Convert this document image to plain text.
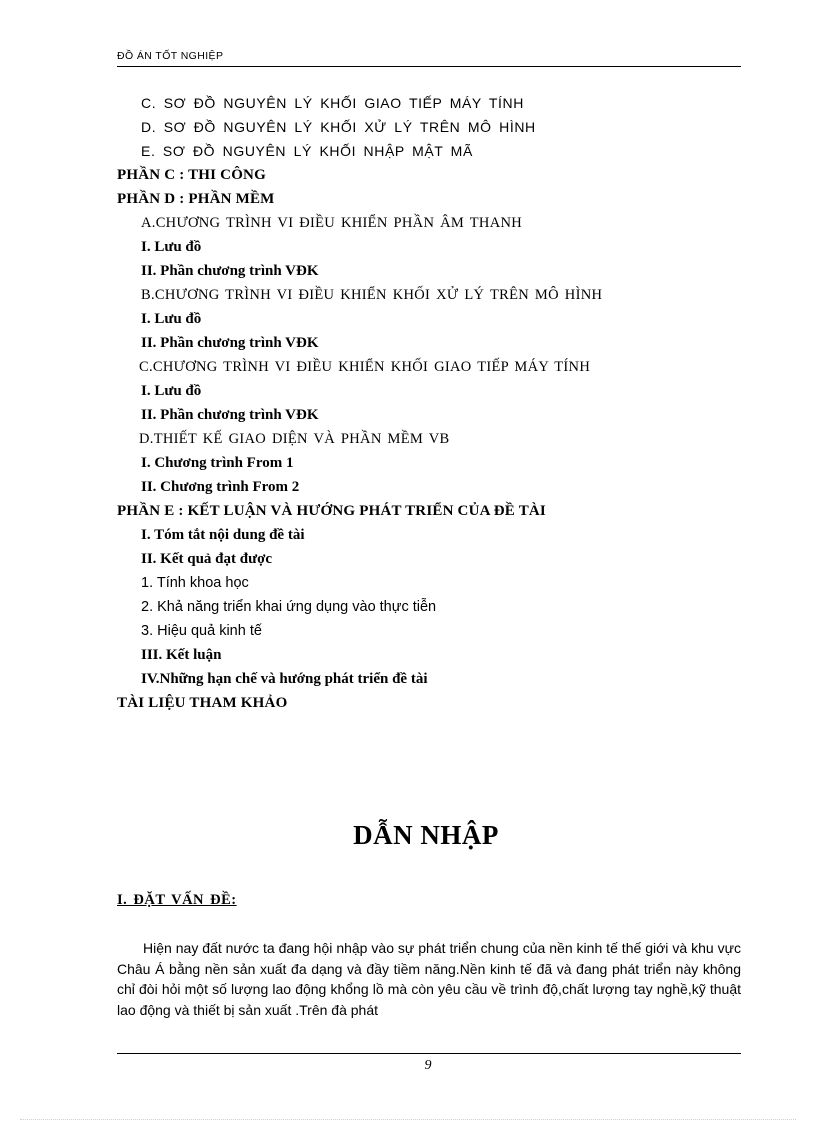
ĐỒ ÁN TỐT NGHIỆP
C. SƠ ĐỒ NGUYÊN LÝ KHỐI GIAO TIẾP MÁY TÍNH
D. SƠ ĐỒ NGUYÊN LÝ KHỐI XỬ LÝ TRÊN MÔ HÌNH
E. SƠ ĐỒ NGUYÊN LÝ KHỐI NHẬP MẬT MÃ
PHẦN C : THI CÔNG
PHẦN D : PHẦN MỀM
A.CHƯƠNG TRÌNH VI ĐIỀU KHIỂN PHẦN ÂM THANH
I. Lưu đồ
II. Phần chương trình VĐK
B.CHƯƠNG TRÌNH VI ĐIỀU KHIỂN KHỐI XỬ LÝ TRÊN MÔ HÌNH
I. Lưu đồ
II. Phần chương trình VĐK
C.CHƯƠNG TRÌNH VI ĐIỀU KHIỂN KHỐI GIAO TIẾP MÁY TÍNH
I. Lưu đồ
II. Phần chương trình VĐK
D.THIẾT KẾ GIAO DIỆN VÀ PHẦN MỀM VB
I. Chương trình From 1
II. Chương trình From 2
PHẦN E : KẾT LUẬN VÀ HƯỚNG PHÁT TRIỂN CỦA ĐỀ TÀI
I. Tóm tắt nội dung đề tài
II. Kết quả đạt được
1. Tính khoa học
2. Khả năng triển khai ứng dụng vào thực tiễn
3. Hiệu quả kinh tế
III. Kết luận
IV.Những hạn chế và hướng phát triển đề tài
TÀI LIỆU THAM KHẢO
DẪN NHẬP
I. ĐẶT VẤN ĐỀ:
Hiện nay đất nước ta đang hội nhập vào sự phát triển chung của nền kinh tế thế giới và khu vực Châu Á bằng nền sản xuất đa dạng và đầy tiềm năng.Nền kinh tế đã và đang phát triển này không chỉ đòi hỏi một số lượng lao động khổng lồ mà còn yêu cầu về trình độ,chất lượng tay nghề,kỹ thuật lao động và thiết bị sản xuất .Trên đà phát
9
